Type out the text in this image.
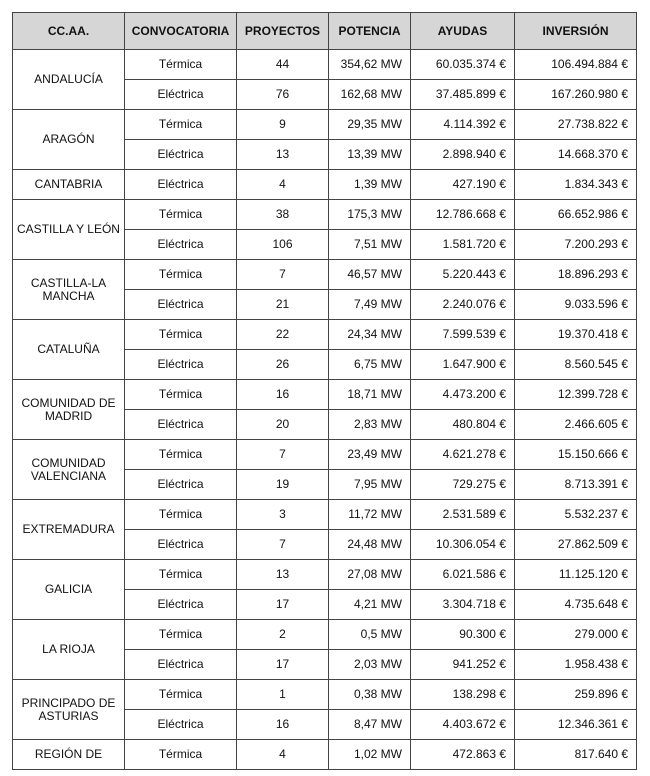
CC.AA.	CONVOCATORIA	PROYECTOS	POTENCIA	AYUDAS	INVERSIÓN
ANDALUCÍA	Térmica	44	354,62 MW	60.035.374 €	106.494.884 €
	Eléctrica	76	162,68 MW	37.485.899 €	167.260.980 €
ARAGÓN	Térmica	9	29,35 MW	4.114.392 €	27.738.822 €
	Eléctrica	13	13,39 MW	2.898.940 €	14.668.370 €
CANTABRIA	Eléctrica	4	1,39 MW	427.190 €	1.834.343 €
CASTILLA Y LEÓN	Térmica	38	175,3 MW	12.786.668 €	66.652.986 €
	Eléctrica	106	7,51 MW	1.581.720 €	7.200.293 €
CASTILLA-LA MANCHA	Térmica	7	46,57 MW	5.220.443 €	18.896.293 €
	Eléctrica	21	7,49 MW	2.240.076 €	9.033.596 €
CATALUÑA	Térmica	22	24,34 MW	7.599.539 €	19.370.418 €
	Eléctrica	26	6,75 MW	1.647.900 €	8.560.545 €
COMUNIDAD DE MADRID	Térmica	16	18,71 MW	4.473.200 €	12.399.728 €
	Eléctrica	20	2,83 MW	480.804 €	2.466.605 €
COMUNIDAD VALENCIANA	Térmica	7	23,49 MW	4.621.278 €	15.150.666 €
	Eléctrica	19	7,95 MW	729.275 €	8.713.391 €
EXTREMADURA	Térmica	3	11,72 MW	2.531.589 €	5.532.237 €
	Eléctrica	7	24,48 MW	10.306.054 €	27.862.509 €
GALICIA	Térmica	13	27,08 MW	6.021.586 €	11.125.120 €
	Eléctrica	17	4,21 MW	3.304.718 €	4.735.648 €
LA RIOJA	Térmica	2	0,5 MW	90.300 €	279.000 €
	Eléctrica	17	2,03 MW	941.252 €	1.958.438 €
PRINCIPADO DE ASTURIAS	Térmica	1	0,38 MW	138.298 €	259.896 €
	Eléctrica	16	8,47 MW	4.403.672 €	12.346.361 €
REGIÓN DE	Térmica	4	1,02 MW	472.863 €	817.640 €
